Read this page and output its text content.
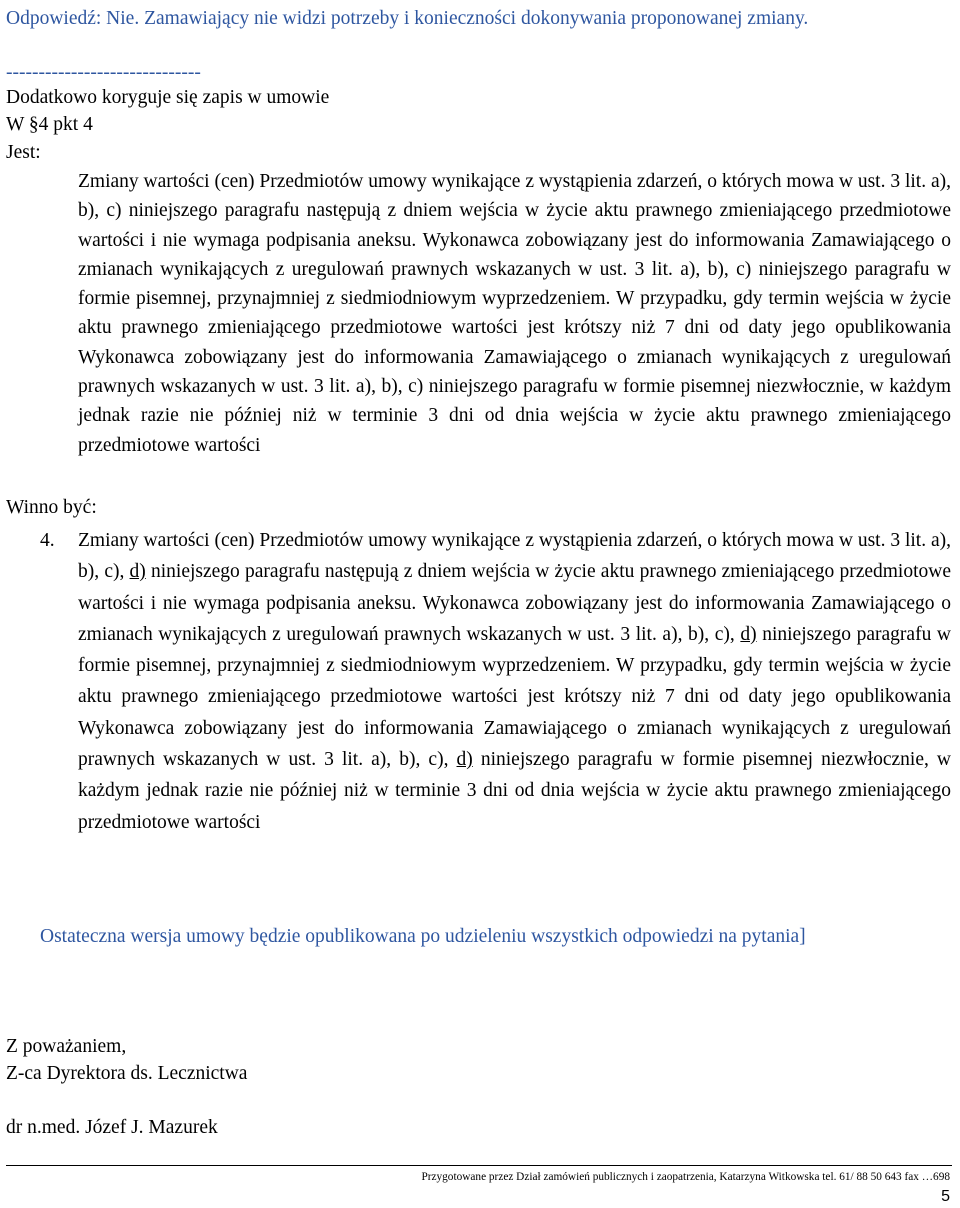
Odpowiedź: Nie. Zamawiający nie widzi potrzeby i konieczności dokonywania proponowanej zmiany.
------------------------------
Dodatkowo koryguje się zapis w umowie
W §4 pkt 4
Jest:

Zmiany wartości (cen) Przedmiotów umowy wynikające z wystąpienia zdarzeń, o których mowa w ust. 3 lit. a), b), c) niniejszego paragrafu następują z dniem wejścia w życie aktu prawnego zmieniającego przedmiotowe wartości i nie wymaga podpisania aneksu. Wykonawca zobowiązany jest do informowania Zamawiającego o zmianach wynikających z uregulowań prawnych wskazanych w ust. 3 lit. a), b), c) niniejszego paragrafu w formie pisemnej, przynajmniej z siedmiodniowym wyprzedzeniem. W przypadku, gdy termin wejścia w życie aktu prawnego zmieniającego przedmiotowe wartości jest krótszy niż 7 dni od daty jego opublikowania Wykonawca zobowiązany jest do informowania Zamawiającego o zmianach wynikających z uregulowań prawnych wskazanych w ust. 3 lit. a), b), c) niniejszego paragrafu w formie pisemnej niezwłocznie, w każdym jednak razie nie później niż w terminie 3 dni od dnia wejścia w życie aktu prawnego zmieniającego przedmiotowe wartości

Winno być:
4. Zmiany wartości (cen) Przedmiotów umowy wynikające z wystąpienia zdarzeń, o których mowa w ust. 3 lit. a), b), c), d) niniejszego paragrafu następują z dniem wejścia w życie aktu prawnego zmieniającego przedmiotowe wartości i nie wymaga podpisania aneksu. Wykonawca zobowiązany jest do informowania Zamawiającego o zmianach wynikających z uregulowań prawnych wskazanych w ust. 3 lit. a), b), c), d) niniejszego paragrafu w formie pisemnej, przynajmniej z siedmiodniowym wyprzedzeniem. W przypadku, gdy termin wejścia w życie aktu prawnego zmieniającego przedmiotowe wartości jest krótszy niż 7 dni od daty jego opublikowania Wykonawca zobowiązany jest do informowania Zamawiającego o zmianach wynikających z uregulowań prawnych wskazanych w ust. 3 lit. a), b), c), d) niniejszego paragrafu w formie pisemnej niezwłocznie, w każdym jednak razie nie później niż w terminie 3 dni od dnia wejścia w życie aktu prawnego zmieniającego przedmiotowe wartości

Ostateczna wersja umowy będzie opublikowana po udzieleniu wszystkich odpowiedzi na pytania]

Z poważaniem,
Z-ca Dyrektora ds. Lecznictwa
dr n.med. Józef J. Mazurek
Przygotowane przez Dział zamówień publicznych i zaopatrzenia, Katarzyna Witkowska tel. 61/ 88 50 643 fax …698
5
